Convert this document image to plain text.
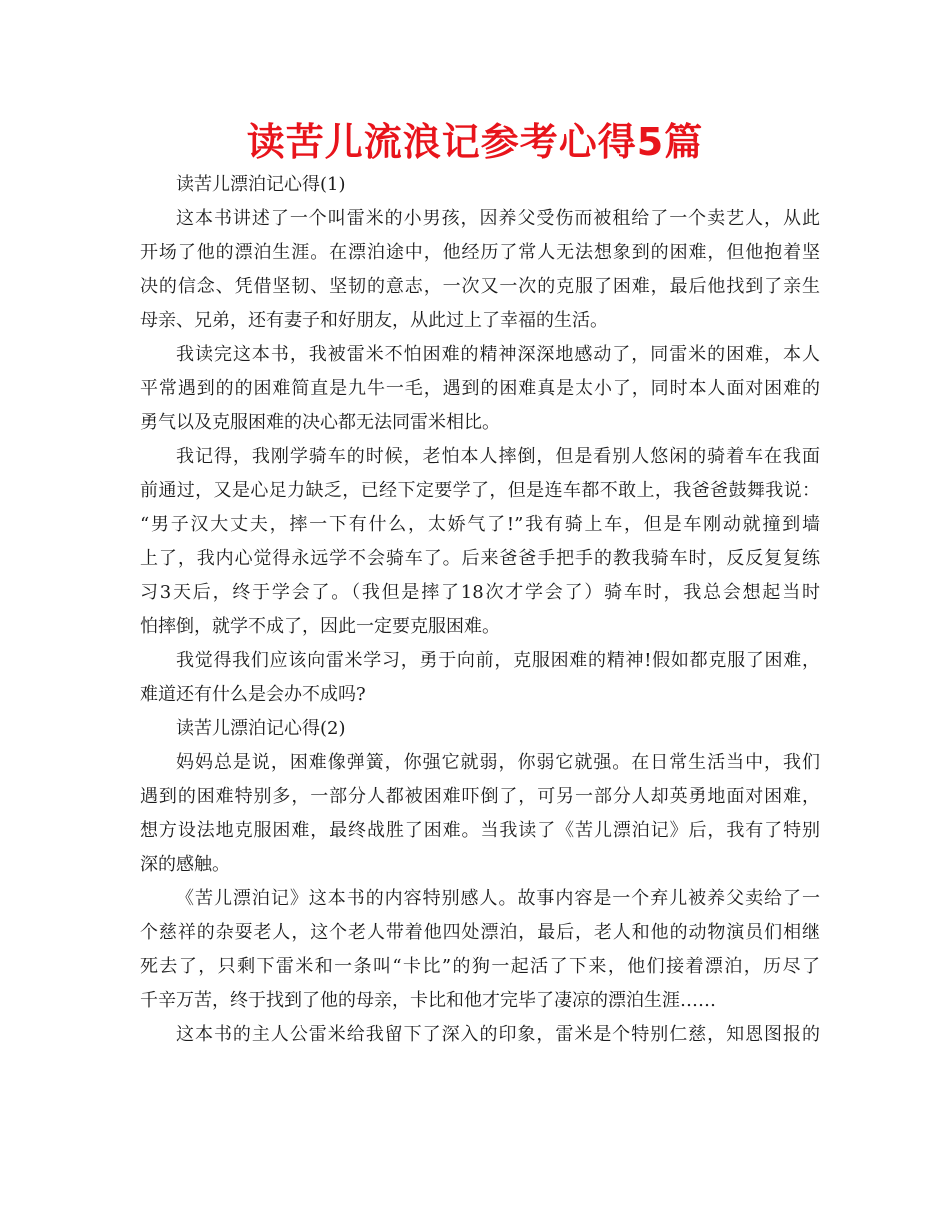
读苦儿流浪记参考心得5篇
读苦儿漂泊记心得(1)
这本书讲述了一个叫雷米的小男孩，因养父受伤而被租给了一个卖艺人，从此
开场了他的漂泊生涯。在漂泊途中，他经历了常人无法想象到的困难，但他抱着坚
决的信念、凭借坚韧、坚韧的意志，一次又一次的克服了困难，最后他找到了亲生
母亲、兄弟，还有妻子和好朋友，从此过上了幸福的生活。
我读完这本书，我被雷米不怕困难的精神深深地感动了，同雷米的困难，本人
平常遇到的的困难简直是九牛一毛，遇到的困难真是太小了，同时本人面对困难的
勇气以及克服困难的决心都无法同雷米相比。
我记得，我刚学骑车的时候，老怕本人摔倒，但是看别人悠闲的骑着车在我面
前通过，又是心足力缺乏，已经下定要学了，但是连车都不敢上，我爸爸鼓舞我说：
“男子汉大丈夫，摔一下有什么，太娇气了!”我有骑上车，但是车刚动就撞到墙
上了，我内心觉得永远学不会骑车了。后来爸爸手把手的教我骑车时，反反复复练
习3天后，终于学会了。（我但是摔了18次才学会了）骑车时，我总会想起当时
怕摔倒，就学不成了，因此一定要克服困难。
我觉得我们应该向雷米学习，勇于向前，克服困难的精神!假如都克服了困难，
难道还有什么是会办不成吗?
读苦儿漂泊记心得(2)
妈妈总是说，困难像弹簧，你强它就弱，你弱它就强。在日常生活当中，我们
遇到的困难特别多，一部分人都被困难吓倒了，可另一部分人却英勇地面对困难，
想方设法地克服困难，最终战胜了困难。当我读了《苦儿漂泊记》后，我有了特别
深的感触。
《苦儿漂泊记》这本书的内容特别感人。故事内容是一个弃儿被养父卖给了一
个慈祥的杂耍老人，这个老人带着他四处漂泊，最后，老人和他的动物演员们相继
死去了，只剩下雷米和一条叫“卡比”的狗一起活了下来，他们接着漂泊，历尽了
千辛万苦，终于找到了他的母亲，卡比和他才完毕了凄凉的漂泊生涯……
这本书的主人公雷米给我留下了深入的印象，雷米是个特别仁慈，知恩图报的
